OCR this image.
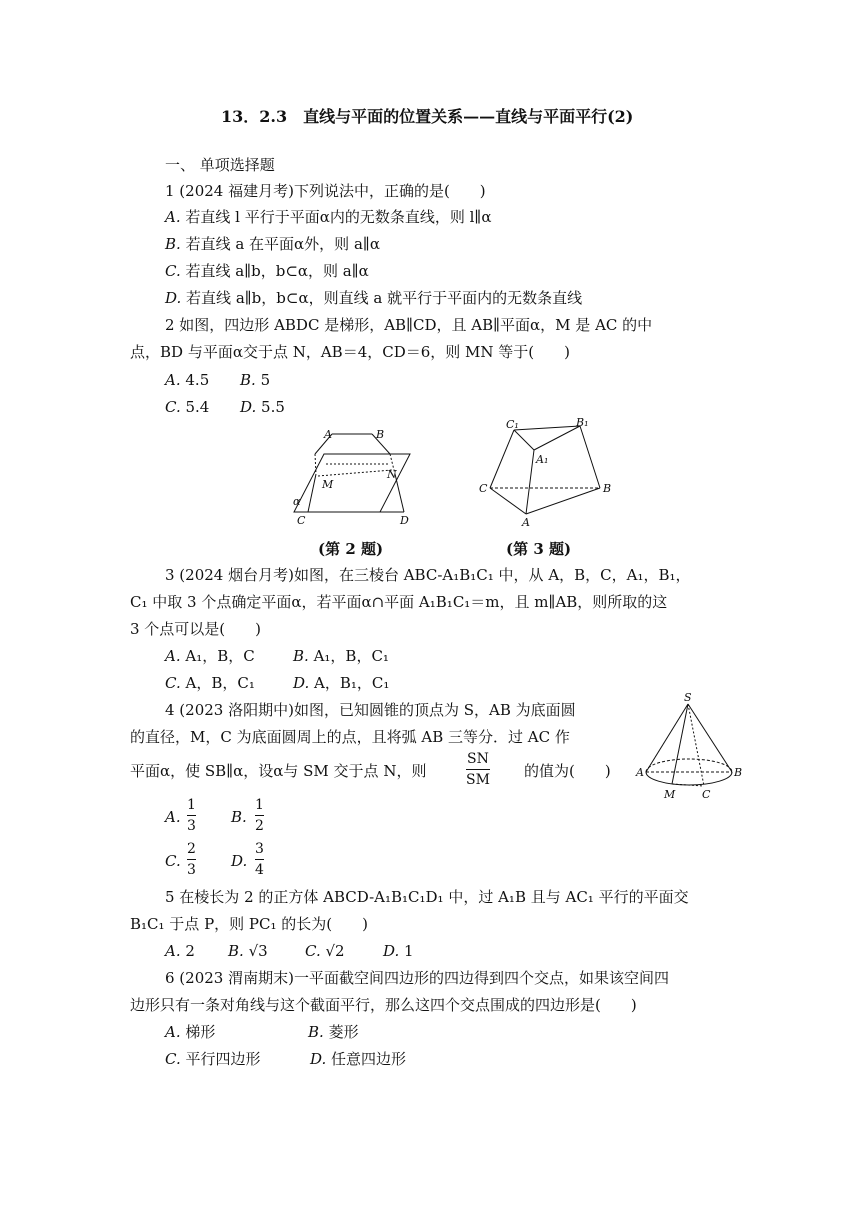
13．2.3　直线与平面的位置关系——直线与平面平行(2)
一、 单项选择题
1 (2024 福建月考)下列说法中，正确的是(　　)
A. 若直线 l 平行于平面α内的无数条直线，则 l∥α
B. 若直线 a 在平面α外，则 a∥α
C. 若直线 a∥b，b⊂α，则 a∥α
D. 若直线 a∥b，b⊂α，则直线 a 就平行于平面内的无数条直线
2 如图，四边形 ABDC 是梯形，AB∥CD，且 AB∥平面α，M 是 AC 的中
点，BD 与平面α交于点 N，AB＝4，CD＝6，则 MN 等于(　　)
A. 4.5 B. 5
C. 5.4 D. 5.5
A	B
M
N
α
C	D
(第 2 题)
C₁	B₁
A₁
C	B
A
(第 3 题)
3 (2024 烟台月考)如图，在三棱台 ABC-A₁B₁C₁ 中，从 A，B，C，A₁，B₁，
C₁ 中取 3 个点确定平面α，若平面α∩平面 A₁B₁C₁＝m，且 m∥AB，则所取的这
3 个点可以是(　　)
A. A₁，B，C	B. A₁，B，C₁
C. A，B，C₁	D. A，B₁，C₁
4 (2023 洛阳期中)如图，已知圆锥的顶点为 S，AB 为底面圆
的直径，M，C 为底面圆周上的点，且将弧 AB 三等分．过 AC 作
平面α，使 SB∥α，设α与 SM 交于点 N，则
SN
SM 的值为(　　)
S
A	B
M C
A.
1
3 B.
1
2
C.
2
3 D.
3
4
5 在棱长为 2 的正方体 ABCD-A₁B₁C₁D₁ 中，过 A₁B 且与 AC₁ 平行的平面交
B₁C₁ 于点 P，则 PC₁ 的长为(　　)
A. 2 B. √3 C. √2	D. 1
6 (2023 渭南期末)一平面截空间四边形的四边得到四个交点，如果该空间四
边形只有一条对角线与这个截面平行，那么这四个交点围成的四边形是(　　)
A. 梯形	B. 菱形
C. 平行四边形	D. 任意四边形
